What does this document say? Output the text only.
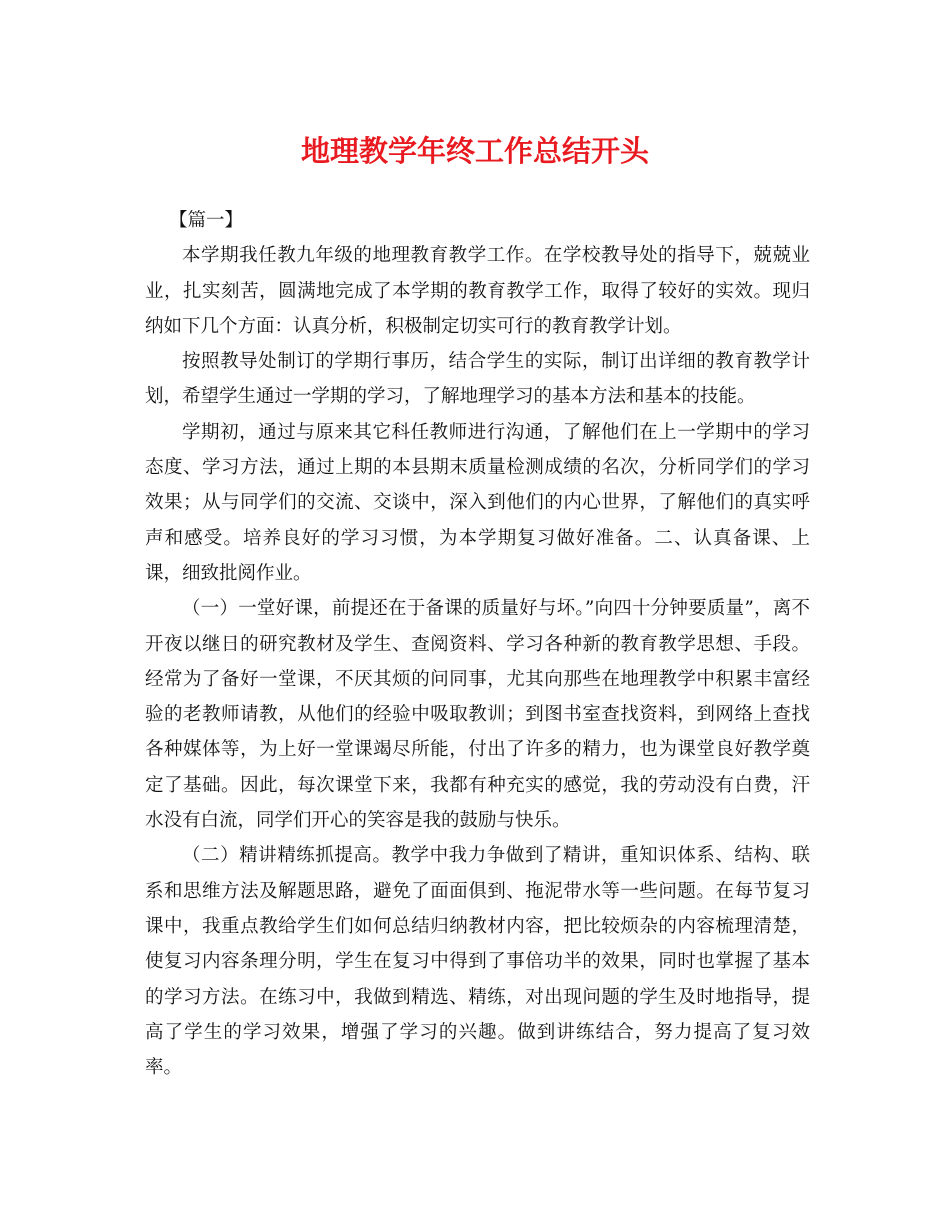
地理教学年终工作总结开头

【篇一】

本学期我任教九年级的地理教育教学工作。在学校教导处的指导下，兢兢业业，扎实刻苦，圆满地完成了本学期的教育教学工作，取得了较好的实效。现归纳如下几个方面：认真分析，积极制定切实可行的教育教学计划。

按照教导处制订的学期行事历，结合学生的实际，制订出详细的教育教学计划，希望学生通过一学期的学习，了解地理学习的基本方法和基本的技能。

学期初，通过与原来其它科任教师进行沟通，了解他们在上一学期中的学习态度、学习方法，通过上期的本县期末质量检测成绩的名次，分析同学们的学习效果；从与同学们的交流、交谈中，深入到他们的内心世界，了解他们的真实呼声和感受。培养良好的学习习惯，为本学期复习做好准备。二、认真备课、上课，细致批阅作业。

（一）一堂好课，前提还在于备课的质量好与坏。”向四十分钟要质量”，离不开夜以继日的研究教材及学生、查阅资料、学习各种新的教育教学思想、手段。经常为了备好一堂课，不厌其烦的问同事，尤其向那些在地理教学中积累丰富经验的老教师请教，从他们的经验中吸取教训；到图书室查找资料，到网络上查找各种媒体等，为上好一堂课竭尽所能，付出了许多的精力，也为课堂良好教学奠定了基础。因此，每次课堂下来，我都有种充实的感觉，我的劳动没有白费，汗水没有白流，同学们开心的笑容是我的鼓励与快乐。

（二）精讲精练抓提高。教学中我力争做到了精讲，重知识体系、结构、联系和思维方法及解题思路，避免了面面俱到、拖泥带水等一些问题。在每节复习课中，我重点教给学生们如何总结归纳教材内容，把比较烦杂的内容梳理清楚，使复习内容条理分明，学生在复习中得到了事倍功半的效果，同时也掌握了基本的学习方法。在练习中，我做到精选、精练，对出现问题的学生及时地指导，提高了学生的学习效果，增强了学习的兴趣。做到讲练结合，努力提高了复习效率。
